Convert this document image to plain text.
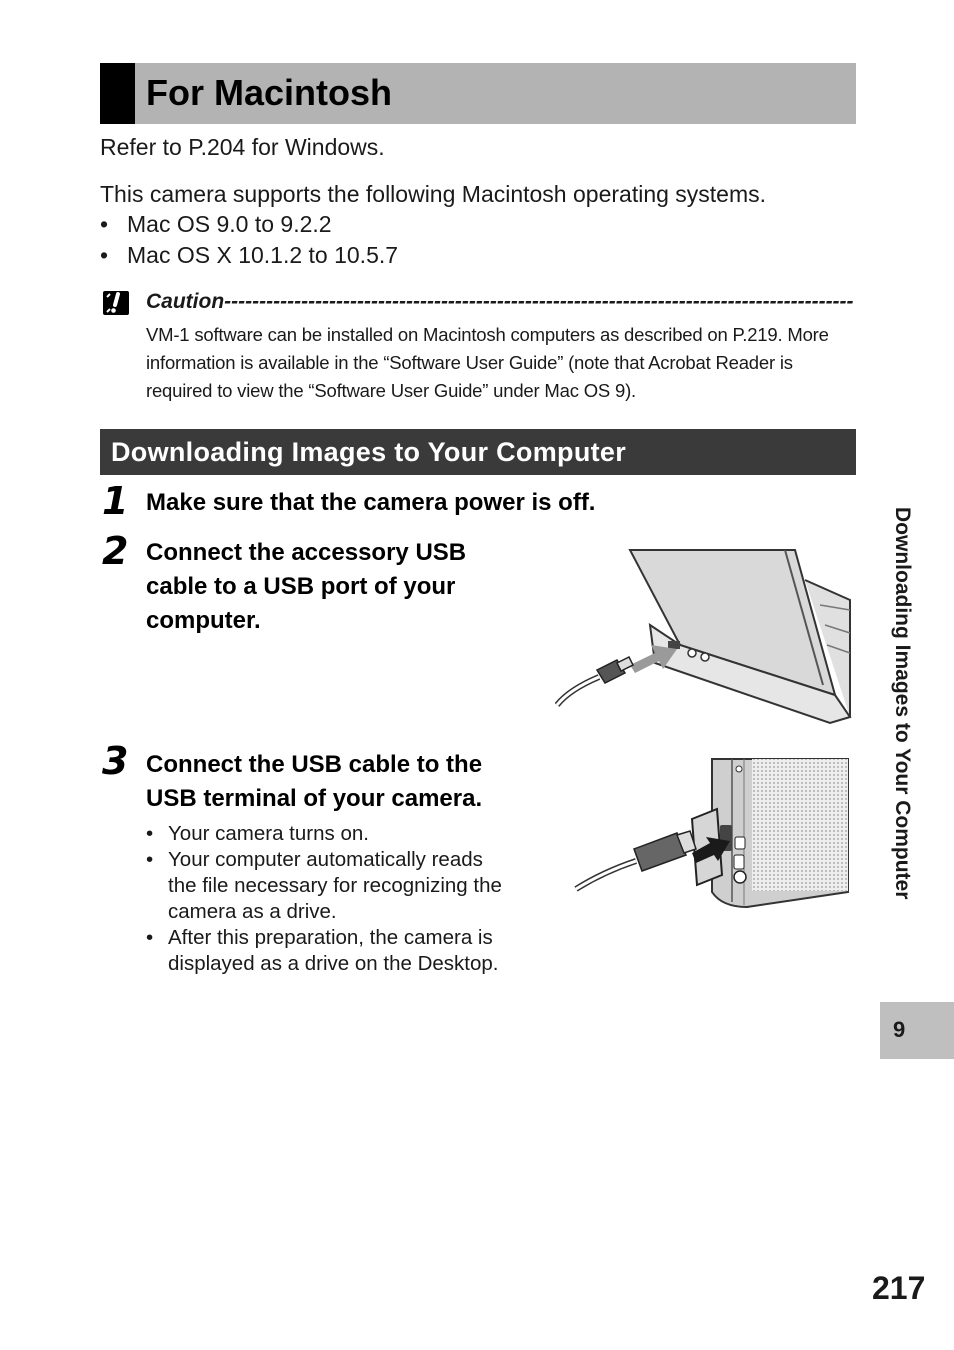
For Macintosh
Refer to P.204 for Windows.
This camera supports the following Macintosh operating systems.
• Mac OS 9.0 to 9.2.2
• Mac OS X 10.1.2 to 10.5.7
Caution------------------------------------------------------------------------------------------
VM-1 software can be installed on Macintosh computers as described on P.219. More
information is available in the “Software User Guide” (note that Acrobat Reader is
required to view the “Software User Guide” under Mac OS 9).
Downloading Images to Your Computer
1 Make sure that the camera power is off.
2 Connect the accessory USB
cable to a USB port of your
computer.
3 Connect the USB cable to the
USB terminal of your camera.
• Your camera turns on.
• Your computer automatically reads
the file necessary for recognizing the
camera as a drive.
• After this preparation, the camera is
displayed as a drive on the Desktop.
Downloading Images to Your Computer
9
217
